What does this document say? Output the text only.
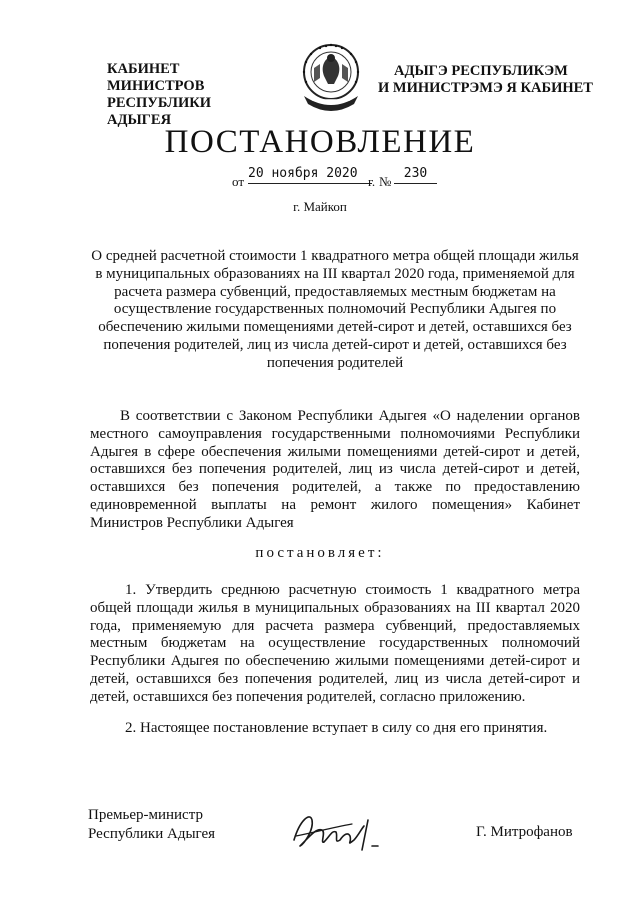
КАБИНЕТ МИНИСТРОВ
РЕСПУБЛИКИ АДЫГЕЯ
АДЫГЭ РЕСПУБЛИКЭМ
И МИНИСТРЭМЭ Я КАБИНЕТ
ПОСТАНОВЛЕНИЕ
от
20 ноября 2020
г. №
230
г. Майкоп
О средней расчетной стоимости 1 квадратного метра общей площади жилья в муниципальных образованиях на III квартал 2020 года, применяемой для расчета размера субвенций, предоставляемых местным бюджетам на осуществление государственных полномочий Республики Адыгея по обеспечению жилыми помещениями детей-сирот и детей, оставшихся без попечения родителей, лиц из числа детей-сирот и детей, оставшихся без попечения родителей
В соответствии с Законом Республики Адыгея «О наделении органов местного самоуправления государственными полномочиями Республики Адыгея в сфере обеспечения жилыми помещениями детей-сирот и детей, оставшихся без попечения родителей, лиц из числа детей-сирот и детей, оставшихся без попечения родителей, а также по предоставлению единовременной выплаты на ремонт жилого помещения» Кабинет Министров Республики Адыгея
постановляет:
1. Утвердить среднюю расчетную стоимость 1 квадратного метра общей площади жилья в муниципальных образованиях на III квартал 2020 года, применяемую для расчета размера субвенций, предоставляемых местным бюджетам на осуществление государственных полномочий Республики Адыгея по обеспечению жилыми помещениями детей-сирот и детей, оставшихся без попечения родителей, лиц из числа детей-сирот и детей, оставшихся без попечения родителей, согласно приложению.
2. Настоящее постановление вступает в силу со дня его принятия.
Премьер-министр
Республики Адыгея	Г. Митрофанов
